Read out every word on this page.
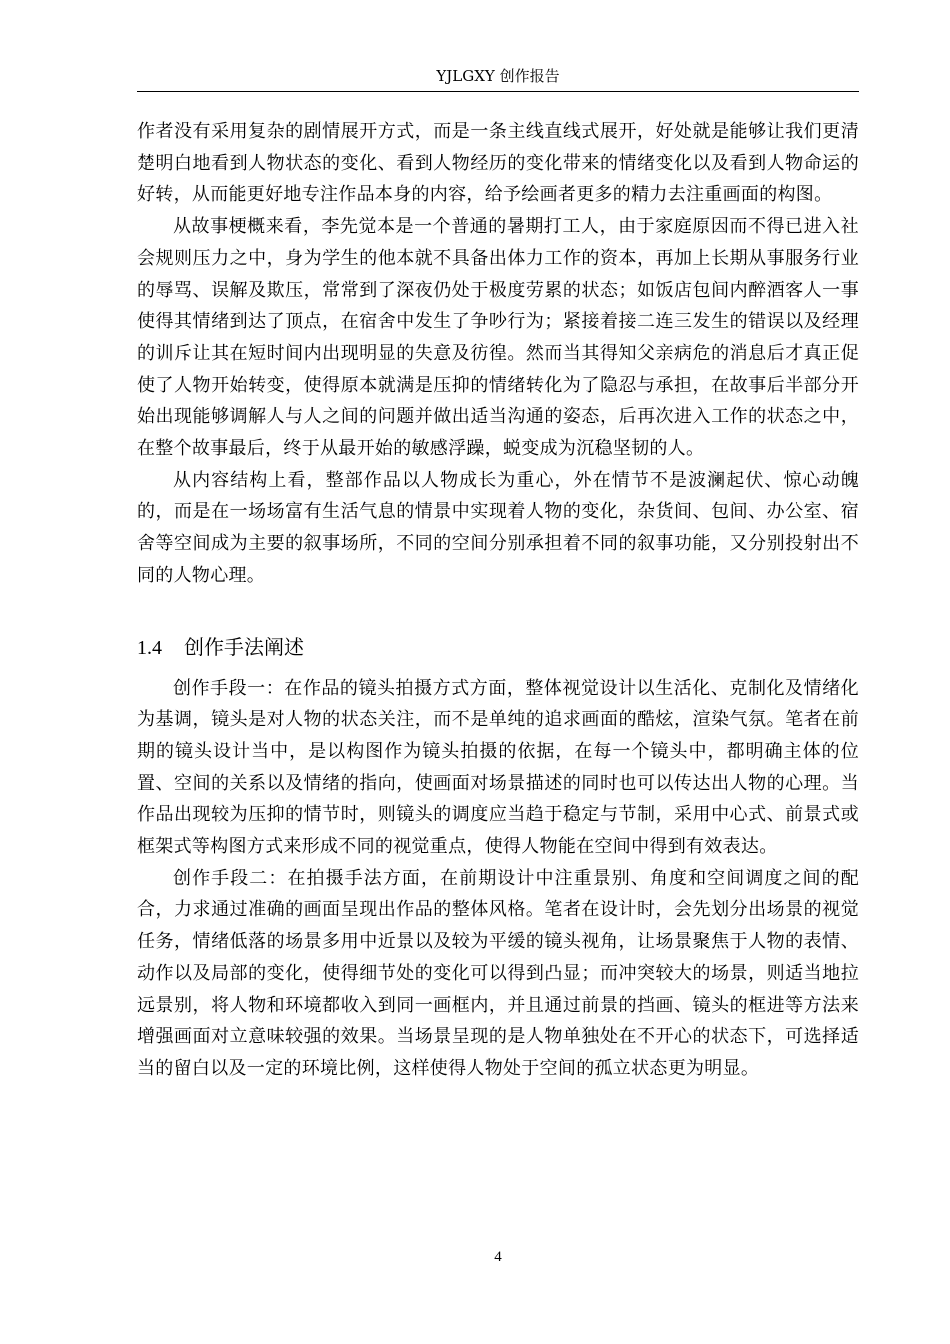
YJLGXY 创作报告

作者没有采用复杂的剧情展开方式，而是一条主线直线式展开，好处就是能够让我们更清楚明白地看到人物状态的变化、看到人物经历的变化带来的情绪变化以及看到人物命运的好转，从而能更好地专注作品本身的内容，给予绘画者更多的精力去注重画面的构图。

从故事梗概来看，李先觉本是一个普通的暑期打工人，由于家庭原因而不得已进入社会规则压力之中，身为学生的他本就不具备出体力工作的资本，再加上长期从事服务行业的辱骂、误解及欺压，常常到了深夜仍处于极度劳累的状态；如饭店包间内醉酒客人一事使得其情绪到达了顶点，在宿舍中发生了争吵行为；紧接着接二连三发生的错误以及经理的训斥让其在短时间内出现明显的失意及彷徨。然而当其得知父亲病危的消息后才真正促使了人物开始转变，使得原本就满是压抑的情绪转化为了隐忍与承担，在故事后半部分开始出现能够调解人与人之间的问题并做出适当沟通的姿态，后再次进入工作的状态之中，在整个故事最后，终于从最开始的敏感浮躁，蜕变成为沉稳坚韧的人。

从内容结构上看，整部作品以人物成长为重心，外在情节不是波澜起伏、惊心动魄的，而是在一场场富有生活气息的情景中实现着人物的变化，杂货间、包间、办公室、宿舍等空间成为主要的叙事场所，不同的空间分别承担着不同的叙事功能，又分别投射出不同的人物心理。

1.4 创作手法阐述

创作手段一：在作品的镜头拍摄方式方面，整体视觉设计以生活化、克制化及情绪化为基调，镜头是对人物的状态关注，而不是单纯的追求画面的酷炫，渲染气氛。笔者在前期的镜头设计当中，是以构图作为镜头拍摄的依据，在每一个镜头中，都明确主体的位置、空间的关系以及情绪的指向，使画面对场景描述的同时也可以传达出人物的心理。当作品出现较为压抑的情节时，则镜头的调度应当趋于稳定与节制，采用中心式、前景式或框架式等构图方式来形成不同的视觉重点，使得人物能在空间中得到有效表达。

创作手段二：在拍摄手法方面，在前期设计中注重景别、角度和空间调度之间的配合，力求通过准确的画面呈现出作品的整体风格。笔者在设计时，会先划分出场景的视觉任务，情绪低落的场景多用中近景以及较为平缓的镜头视角，让场景聚焦于人物的表情、动作以及局部的变化，使得细节处的变化可以得到凸显；而冲突较大的场景，则适当地拉远景别，将人物和环境都收入到同一画框内，并且通过前景的挡画、镜头的框进等方法来增强画面对立意味较强的效果。当场景呈现的是人物单独处在不开心的状态下，可选择适当的留白以及一定的环境比例，这样使得人物处于空间的孤立状态更为明显。

4
